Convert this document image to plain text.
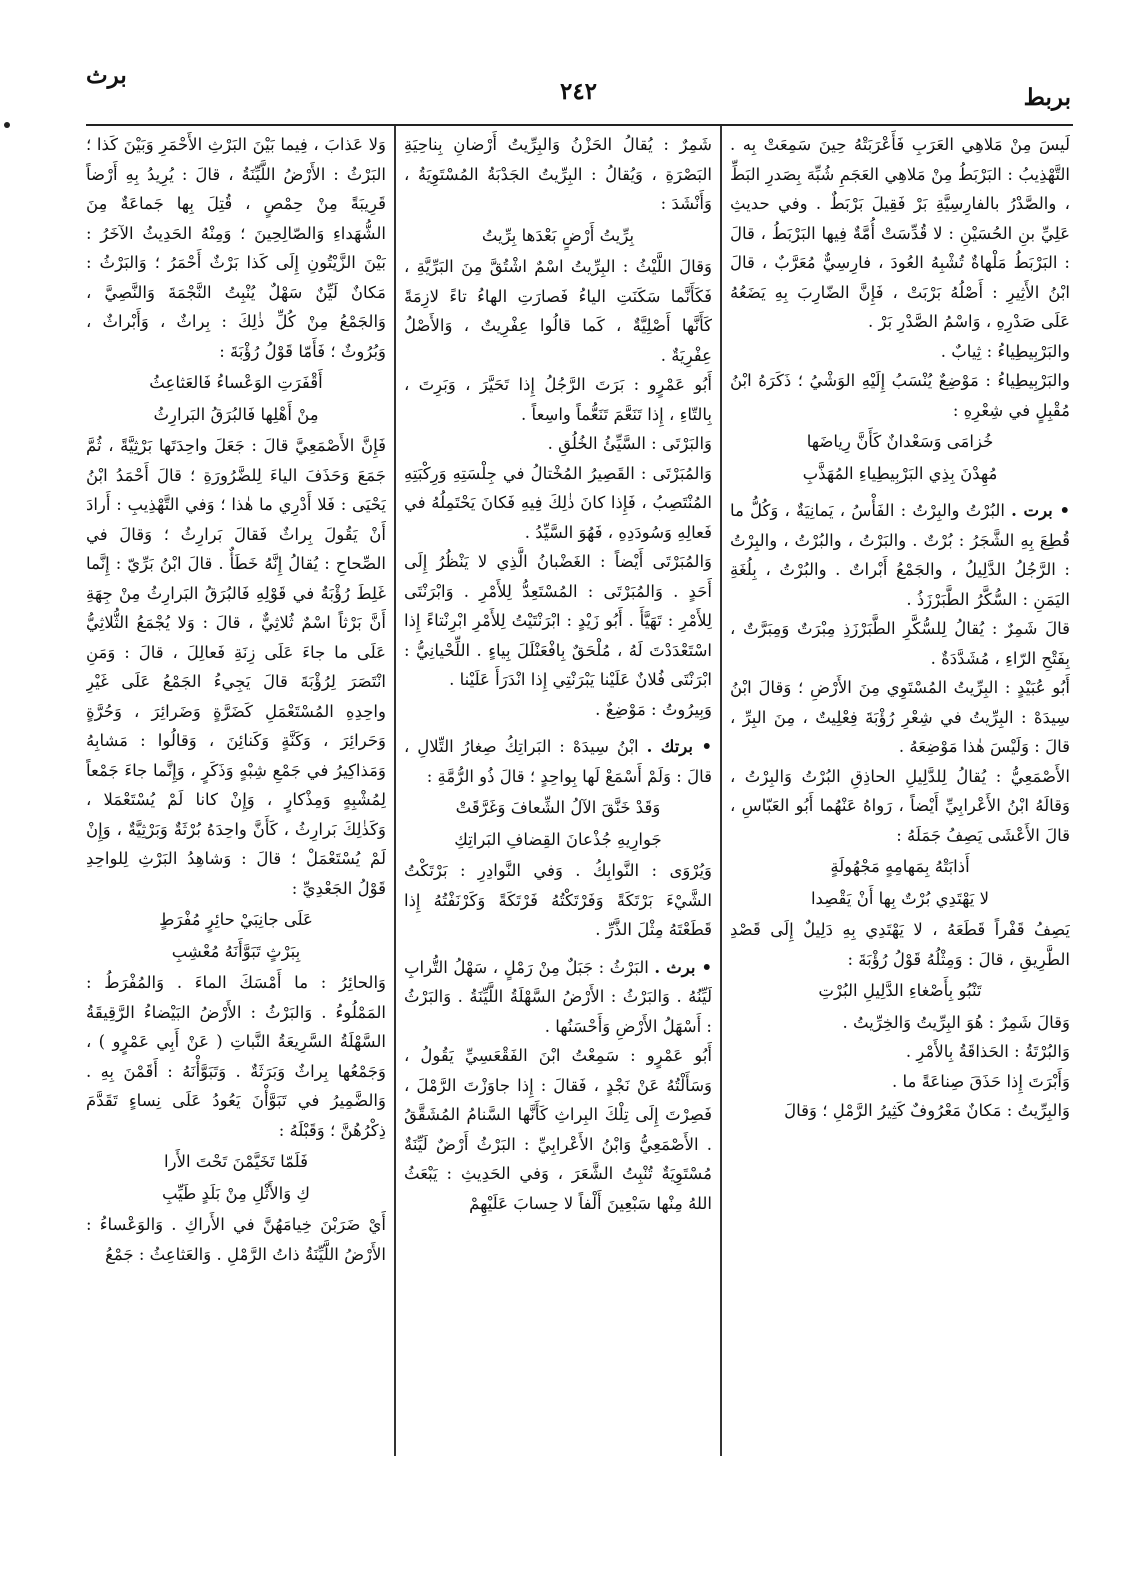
بربط
٢٤٢
برث

لَيسَ مِنْ مَلاهِي العَرَبِ فَأَعْرَبَتْهُ حِينَ سَمِعَتْ بِه . التَّهْذِيبُ : البَرْبَطُ مِنْ مَلاهِي العَجَمِ شُبِّهَ بِصَدرِ البَطِّ ، والصَّدْرُ بالفارِسِيَّةِ بَرْ فَقِيلَ بَرْبَطٌ . وفي حديثِ عَلِيِّ بنِ الحُسَيْنِ : لا قُدِّسَتْ أُمَّةٌ فِيها البَرْبَطُ ، قالَ : البَرْبَطُ مَلْهاةٌ تُشْبِهُ العُودَ ، فارِسِيٌّ مُعَرَّبٌ ، قالَ ابْنُ الأَثِيرِ : أَصْلُهُ بَرْبَتْ ، فَإِنَّ الضّارِبَ بِهِ يَضَعُهُ عَلَى صَدْرِهِ ، وَاسْمُ الصَّدْرِ بَرْ .

والبَرْبِيطِياءُ : ثِيابٌ .

والبَرْبِيطِياءُ : مَوْضِعٌ يُنْسَبُ إِلَيْهِ الوَشْيُ ؛ ذَكَرَهُ ابْنُ مُقْبِلٍ في شِعْرِهِ :

خُزامَى وَسَعْدانٌ كَأَنَّ رِياضَها

مُهِدْنَ بِذِي البَرْبِيطِياءِ المُهَذَّبِ

• برت . البُرْتُ والبِرْتُ : الفَأْسُ ، يَمانِيَةٌ ، وَكُلُّ ما قُطِعَ بِهِ الشَّجَرُ : بُرْتٌ . والبَرْتُ ، والبُرْتُ ، والبِرْتُ : الرَّجُلُ الدَّلِيلُ ، والجَمْعُ أَبْراتٌ . والبُرْتُ ، بِلُغَةِ اليَمَنِ : السُّكَّرُ الطَّبَرْزَذُ .

قالَ شَمِرٌ : يُقالُ لِلسُّكَّرِ الطَّبَرْزَذِ مِبْرَتٌ وَمِبَرَّتٌ ، بِفَتْحِ الرّاءِ ، مُشَدَّدَةٌ .

أَبُو عُبَيْدٍ : البِرِّيتُ المُسْتَوِي مِنَ الأَرْضِ ؛ وَقالَ ابْنُ سِيدَهْ : البِرِّيتُ في شِعْرِ رُؤْبَةَ فِعْلِيتٌ ، مِنَ البِرِّ ، قالَ : وَلَيْسَ هٰذا مَوْضِعَهُ .

الأَصْمَعِيُّ : يُقالُ لِلدَّلِيلِ الحاذِقِ البُرْتُ وَالبِرْتُ ، وَقالَهُ ابْنُ الأَعْرابِيِّ أَيْضاً ، رَواهُ عَنْهُما أَبُو العَبّاسِ ، قالَ الأَعْشَى يَصِفُ جَمَلَهُ :

أَذابَتْهُ بِمَهامِهٍ مَجْهُولَةٍ

لا يَهْتَدِي بُرْتٌ بِها أَنْ يَقْصِدا

يَصِفُ قَفْراً قَطَعَهُ ، لا يَهْتَدِي بِهِ دَلِيلٌ إِلَى قَصْدِ الطَّرِيقِ ، قالَ : وَمِثْلُهُ قَوْلُ رُؤْبَةَ :

تَنْبُو بِأَصْغاءِ الدَّلِيلِ البُرْتِ

وَقالَ شَمِرٌ : هُوَ البِرِّيتُ وَالخِرِّيتُ .

وَالبُرْتَةُ : الحَذاقَةُ بِالأَمْرِ .

وَأَبْرَتَ إِذا حَذَقَ صِناعَةً ما .

وَالبِرِّيتُ : مَكانٌ مَعْرُوفٌ كَثِيرُ الرَّمْلِ ؛ وَقالَ

شَمِرٌ : يُقالُ الحَزْنُ وَالبِرِّيتُ أَرْضانِ بِناحِيَةِ البَصْرَةِ ، وَيُقالُ : البِرِّيتُ الجَدْبَةُ المُسْتَوِيَةُ ، وَأَنْشَدَ :

بِرِّيتُ أَرْضٍ بَعْدَها بِرِّيتُ

وَقالَ اللَّيْثُ : البِرِّيتُ اسْمٌ اشْتُقَّ مِنَ البَرِّيَّةِ ، فَكَأَنَّما سَكَنَتِ الياءُ فَصارَتِ الهاءُ تاءً لازِمَةً كَأَنَّها أَصْلِيَّةٌ ، كَما قالُوا عِفْرِيتٌ ، وَالأَصْلُ عِفْرِيَةٌ .

أَبُو عَمْرٍو : بَرَتَ الرَّجُلُ إِذا تَحَيَّرَ ، وَبَرِتَ ، بِالتّاءِ ، إِذا تَنَعَّمَ تَنَعُّماً واسِعاً .

وَالبَرْتَى : السَّيِّئُ الخُلُقِ .

وَالمُبَرْتَى : القَصِيرُ المُخْتالُ في جِلْسَتِهِ وَرِكْبَتِهِ المُنْتَصِبُ ، فَإِذا كانَ ذٰلِكَ فِيهِ فَكانَ يَحْتَمِلُهُ في فَعالِهِ وَسُودَدِهِ ، فَهُوَ السَّيِّدُ .

وَالمُبَرْتَى أَيْضاً : الغَضْبانُ الَّذِي لا يَنْظُرُ إِلَى أَحَدٍ . وَالمُبَرْتَى : المُسْتَعِدُّ لِلأَمْرِ . وَابْرَنْتَى لِلأَمْرِ : تَهَيَّأَ . أَبُو زَيْدٍ : ابْرَنْتَيْتُ لِلأَمْرِ ابْرِنْتاءً إِذا اسْتَعْدَدْتَ لَهُ ، مُلْحَقٌ بِافْعَنْلَلَ بِياءٍ . اللِّحْيانِيُّ : ابْرَنْتَى فُلانٌ عَلَيْنا يَبْرَنْتِي إِذا انْدَرَأَ عَلَيْنا .

وَبِيرُوتُ : مَوْضِعٌ .

• برتك . ابْنُ سِيدَهْ : البَراتِكُ صِغارُ التِّلالِ ، قالَ : وَلَمْ أَسْمَعْ لَها بِواحِدٍ ؛ قالَ ذُو الرُّمَّةِ :

وَقَدْ خَنَّقَ الآلُ الشِّعافَ وَغَرَّقَتْ

جَوارِيهِ جُذْعانَ القِضافِ البَراتِكِ

وَيُرْوَى : النَّوابِكُ . وَفي النَّوادِرِ : بَرْتَكْتُ الشَّيْءَ بَرْتَكَةً وَفَرْتَكْتُهُ فَرْتَكَةً وَكَرْنَفْتُهُ إِذا قَطَعْتَهُ مِثْلَ الذَّرِّ .

• برث . البَرْثُ : جَبَلٌ مِنْ رَمْلٍ ، سَهْلُ التُّرابِ لَيِّنُهُ . وَالبَرْثُ : الأَرْضُ السَّهْلَةُ اللَّيِّنَةُ . وَالبَرْثُ : أَسْهَلُ الأَرْضِ وَأَحْسَنُها .

أَبُو عَمْرٍو : سَمِعْتُ ابْنَ الفَقْعَسِيِّ يَقُولُ ، وَسَأَلْتُهُ عَنْ نَجْدٍ ، فَقالَ : إِذا جاوَزْتَ الرَّمْلَ ، فَصِرْتَ إِلَى تِلْكَ البِراثِ كَأَنَّها السَّنامُ المُشَقَّقُ . الأَصْمَعِيُّ وَابْنُ الأَعْرابِيِّ : البَرْثُ أَرْضٌ لَيِّنَةٌ مُسْتَوِيَةٌ تُنْبِتُ الشَّعَرَ ، وَفي الحَدِيثِ : يَبْعَثُ اللهُ مِنْها سَبْعِينَ أَلْفاً لا حِسابَ عَلَيْهِمْ

وَلا عَذابَ ، فِيما بَيْنَ البَرْثِ الأَحْمَرِ وَبَيْنَ كَذا ؛ البَرْثُ : الأَرْضُ اللَّيِّنَةُ ، قالَ : يُرِيدُ بِهِ أَرْضاً قَرِيبَةً مِنْ حِمْصٍ ، قُتِلَ بِها جَماعَةٌ مِنَ الشُّهَداءِ وَالصّالِحِينَ ؛ وَمِنْهُ الحَدِيثُ الآخَرُ : بَيْنَ الزَّيْتُونِ إِلَى كَذا بَرْثٌ أَحْمَرُ ؛ وَالبَرْثُ : مَكانٌ لَيِّنٌ سَهْلٌ يُنْبِتُ النَّجْمَةَ وَالنَّصِيَّ ، وَالجَمْعُ مِنْ كُلِّ ذٰلِكَ : بِراثٌ ، وَأَبْراثٌ ، وَبُرُوثٌ ؛ فَأَمّا قَوْلُ رُؤْبَةَ :

أَقْفَرَتِ الوَعْساءُ فَالعَثاعِثُ

مِنْ أَهْلِها فَالبُرَقُ البَرارِثُ

فَإِنَّ الأَصْمَعِيَّ قالَ : جَعَلَ واحِدَتَها بَرْثِيَّةً ، ثُمَّ جَمَعَ وَحَذَفَ الياءَ لِلضَّرُورَةِ ؛ قالَ أَحْمَدُ ابْنُ يَحْيَى : فَلا أَدْرِي ما هٰذا ؛ وَفي التَّهْذِيبِ : أَرادَ أَنْ يَقُولَ بِراثٌ فَقالَ بَرارِثُ ؛ وَقالَ في الصِّحاحِ : يُقالُ إِنَّهُ خَطَأٌ . قالَ ابْنُ بَرِّيّ : إِنَّما غَلِطَ رُؤْبَةُ في قَوْلِهِ فَالبُرَقُ البَرارِثُ مِنْ جِهَةِ أَنَّ بَرْثاً اسْمٌ ثُلاثِيٌّ ، قالَ : وَلا يُجْمَعُ الثُّلاثِيُّ عَلَى ما جاءَ عَلَى زِنَةِ فَعالِلَ ، قالَ : وَمَنِ انْتَصَرَ لِرُؤْبَةَ قالَ يَجِيءُ الجَمْعُ عَلَى غَيْرِ واحِدِهِ المُسْتَعْمَلِ كَضَرَّةٍ وَضَرائِرَ ، وَحُرَّةٍ وَحَرائِرَ ، وَكَنَّةٍ وَكَنائِنَ ، وَقالُوا : مَشابِهُ وَمَذاكِيرُ في جَمْعِ شِبْهٍ وَذَكَرٍ ، وَإِنَّما جاءَ جَمْعاً لِمُشْبِهٍ وَمِذْكارٍ ، وَإِنْ كانا لَمْ يُسْتَعْمَلا ، وَكَذٰلِكَ بَرارِثُ ، كَأَنَّ واحِدَهُ بُرْثَةٌ وَبَرْثِيَّةٌ ، وَإِنْ لَمْ يُسْتَعْمَلْ ؛ قالَ : وَشاهِدُ البَرْثِ لِلواحِدِ قَوْلُ الجَعْدِيِّ :

عَلَى جانِبَيْ حائِرٍ مُفْرَطٍ

بِبَرْثٍ تَبَوَّأَنَهُ مُعْشِبِ

وَالحائِرُ : ما أَمْسَكَ الماءَ . وَالمُفْرَطُ : المَمْلُوءُ . وَالبَرْثُ : الأَرْضُ البَيْضاءُ الرَّقِيقَةُ السَّهْلَةُ السَّرِيعَةُ النَّباتِ ( عَنْ أَبِي عَمْرٍو ) ، وَجَمْعُها بِراثٌ وَبَرَثَةٌ . وَتَبَوَّأْنَهُ : أَقَمْنَ بِهِ . وَالضَّمِيرُ في تَبَوَّأْنَ يَعُودُ عَلَى نِساءٍ تَقَدَّمَ ذِكْرُهُنَّ ؛ وَقَبْلَهُ :

فَلَمّا تَخَيَّمْنَ تَحْتَ الأَرا

كِ وَالأَثْلِ مِنْ بَلَدٍ طَيِّبِ

أَيْ ضَرَبْنَ خِيامَهُنَّ في الأَراكِ . وَالوَعْساءُ : الأَرْضُ اللَّيِّنَةُ ذاتُ الرَّمْلِ . وَالعَثاعِثُ : جَمْعُ
